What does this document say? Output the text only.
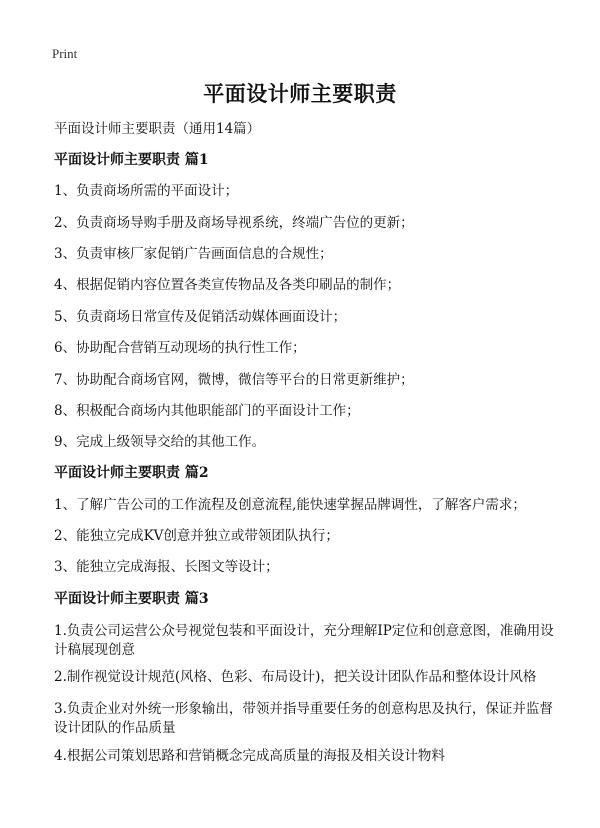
Print
平面设计师主要职责
平面设计师主要职责（通用14篇）
平面设计师主要职责 篇1
1、负责商场所需的平面设计；
2、负责商场导购手册及商场导视系统，终端广告位的更新；
3、负责审核厂家促销广告画面信息的合规性；
4、根据促销内容位置各类宣传物品及各类印刷品的制作；
5、负责商场日常宣传及促销活动媒体画面设计；
6、协助配合营销互动现场的执行性工作；
7、协助配合商场官网，微博，微信等平台的日常更新维护；
8、积极配合商场内其他职能部门的平面设计工作；
9、完成上级领导交给的其他工作。
平面设计师主要职责 篇2
1、了解广告公司的工作流程及创意流程,能快速掌握品牌调性，了解客户需求；
2、能独立完成KV创意并独立或带领团队执行；
3、能独立完成海报、长图文等设计；
平面设计师主要职责 篇3
1.负责公司运营公众号视觉包装和平面设计，充分理解IP定位和创意意图，准确用设计稿展现创意
2.制作视觉设计规范(风格、色彩、布局设计)，把关设计团队作品和整体设计风格
3.负责企业对外统一形象输出，带领并指导重要任务的创意构思及执行，保证并监督设计团队的作品质量
4.根据公司策划思路和营销概念完成高质量的海报及相关设计物料
